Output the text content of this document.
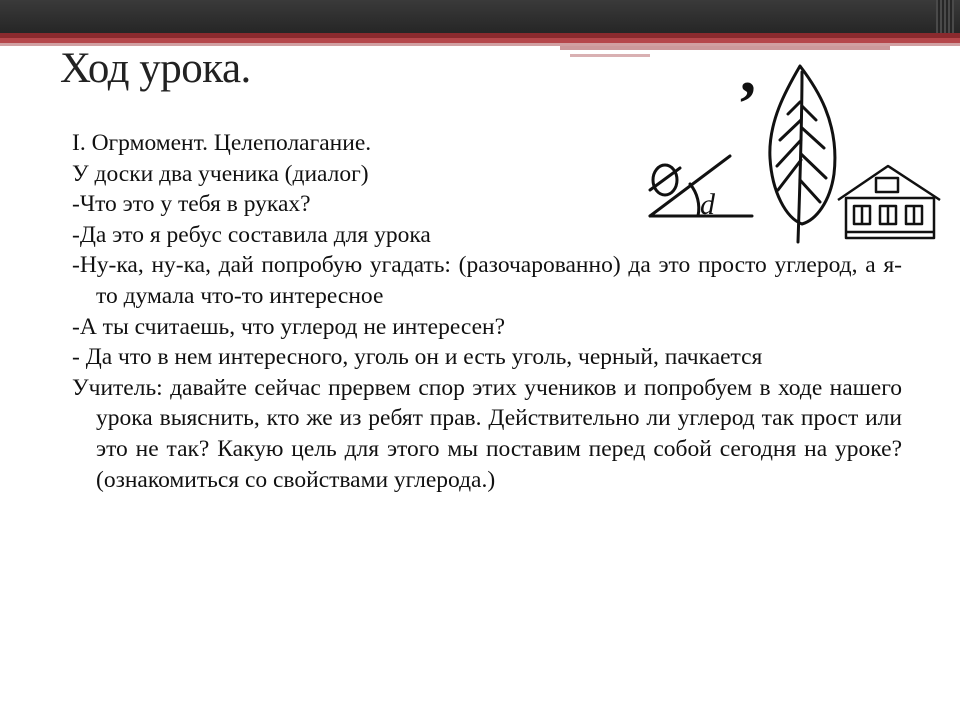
Ход урока.
I. Огрмомент. Целеполагание.
У доски два ученика (диалог)
-Что это у тебя в руках?
-Да это я ребус составила для урока
-Ну-ка, ну-ка, дай попробую угадать: (разочарованно) да это просто углерод, а я-то думала что-то интересное
-А ты считаешь, что углерод не интересен?
- Да что в нем интересного, уголь он и есть уголь, черный, пачкается
Учитель: давайте сейчас прервем спор этих учеников и попробуем в ходе нашего урока выяснить, кто же из ребят прав. Действительно ли углерод так прост или это не так? Какую цель для этого мы поставим перед собой сегодня на уроке? (ознакомиться со свойствами углерода.)
d
,
